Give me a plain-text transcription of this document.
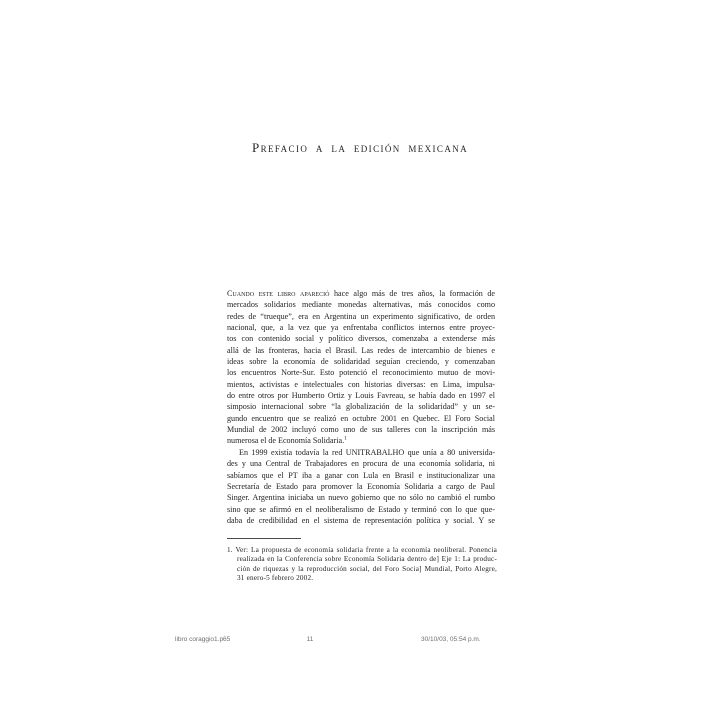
Prefacio a la edición mexicana
Cuando este libro apareció hace algo más de tres años, la formación de
mercados solidarios mediante monedas alternativas, más conocidos como
redes de “trueque”, era en Argentina un experimento significativo, de orden
nacional, que, a la vez que ya enfrentaba conflictos internos entre proyec-
tos con contenido social y político diversos, comenzaba a extenderse más
allá de las fronteras, hacia el Brasil. Las redes de intercambio de bienes e
ideas sobre la economía de solidaridad seguían creciendo, y comenzaban
los encuentros Norte-Sur. Esto potenció el reconocimiento mutuo de movi-
mientos, activistas e intelectuales con historias diversas: en Lima, impulsa-
do entre otros por Humberto Ortiz y Louis Favreau, se había dado en 1997 el
simposio internacional sobre “la globalización de la solidaridad” y un se-
gundo encuentro que se realizó en octubre 2001 en Quebec. El Foro Social
Mundial de 2002 incluyó como uno de sus talleres con la inscripción más
numerosa el de Economía Solidaria.$^1$
En 1999 existía todavía la red UNITRABALHO que unía a 80 universida-
des y una Central de Trabajadores en procura de una economía solidaria, ni
sabíamos que el PT iba a ganar con Lula en Brasil e institucionalizar una
Secretaría de Estado para promover la Economía Solidaria a cargo de Paul
Singer. Argentina iniciaba un nuevo gobierno que no sólo no cambió el rumbo
sino que se afirmó en el neoliberalismo de Estado y terminó con lo que que-
daba de credibilidad en el sistema de representación política y social. Y se
1. Ver: La propuesta de economía solidaria frente a la economía neoliberal. Ponencia
realizada en la Conferencia sobre Economía Solidaria dentro de] Eje 1: La produc-
ción de riquezas y la reproducción social, del Foro Socia] Mundial, Porto Alegre,
31 enero-5 febrero 2002.
libro coraggio1.p65	11	30/10/03, 05:54 p.m.
